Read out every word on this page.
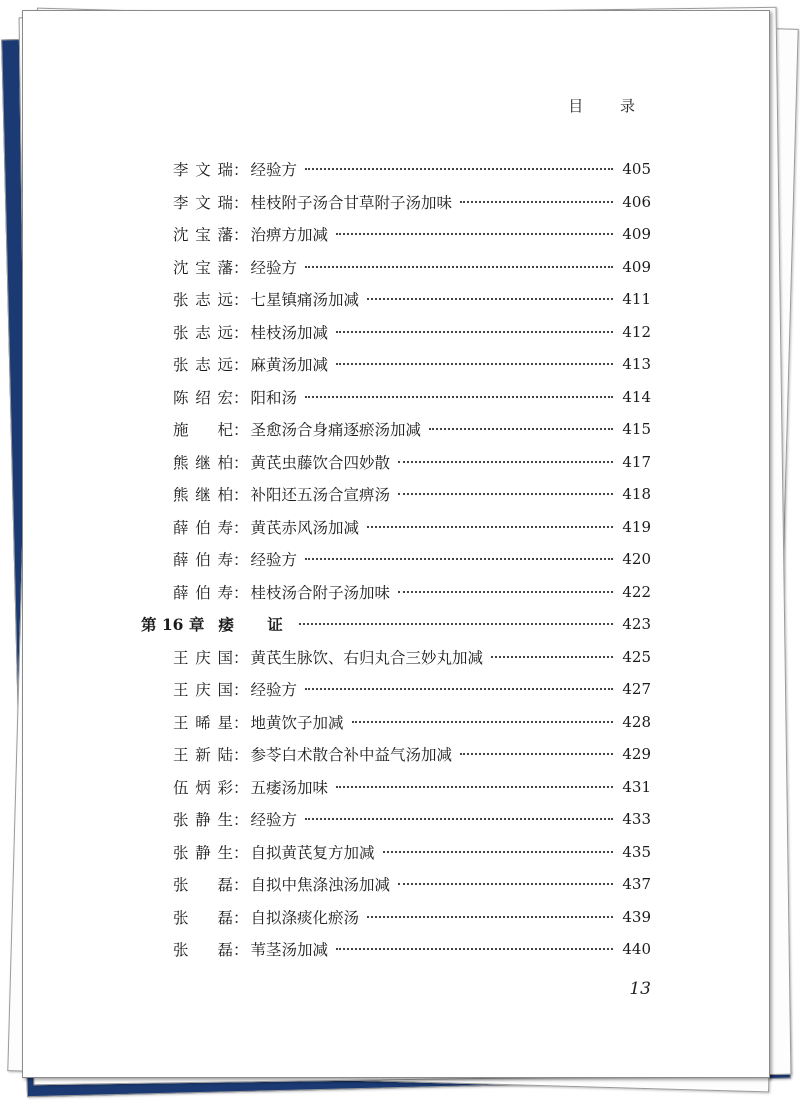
目 录
李文瑞 ： 经验方	405
李文瑞 ： 桂枝附子汤合甘草附子汤加味	406
沈宝藩 ： 治痹方加减	409
沈宝藩 ： 经验方	409
张志远 ： 七星镇痛汤加减	411
张志远 ： 桂枝汤加减	412
张志远 ： 麻黄汤加减	413
陈绍宏 ： 阳和汤	414
施 杞 ： 圣愈汤合身痛逐瘀汤加减	415
熊继柏 ： 黄芪虫藤饮合四妙散	417
熊继柏 ： 补阳还五汤合宣痹汤	418
薛伯寿 ： 黄芪赤风汤加减	419
薛伯寿 ： 经验方	420
薛伯寿 ： 桂枝汤合附子汤加味	422
第 16 章 痿 证	423
王庆国 ： 黄芪生脉饮、右归丸合三妙丸加减	425
王庆国 ： 经验方	427
王晞星 ： 地黄饮子加减	428
王新陆 ： 参苓白术散合补中益气汤加减	429
伍炳彩 ： 五痿汤加味	431
张静生 ： 经验方	433
张静生 ： 自拟黄芪复方加减	435
张 磊 ： 自拟中焦涤浊汤加减	437
张 磊 ： 自拟涤痰化瘀汤	439
张 磊 ： 苇茎汤加减	440
13
